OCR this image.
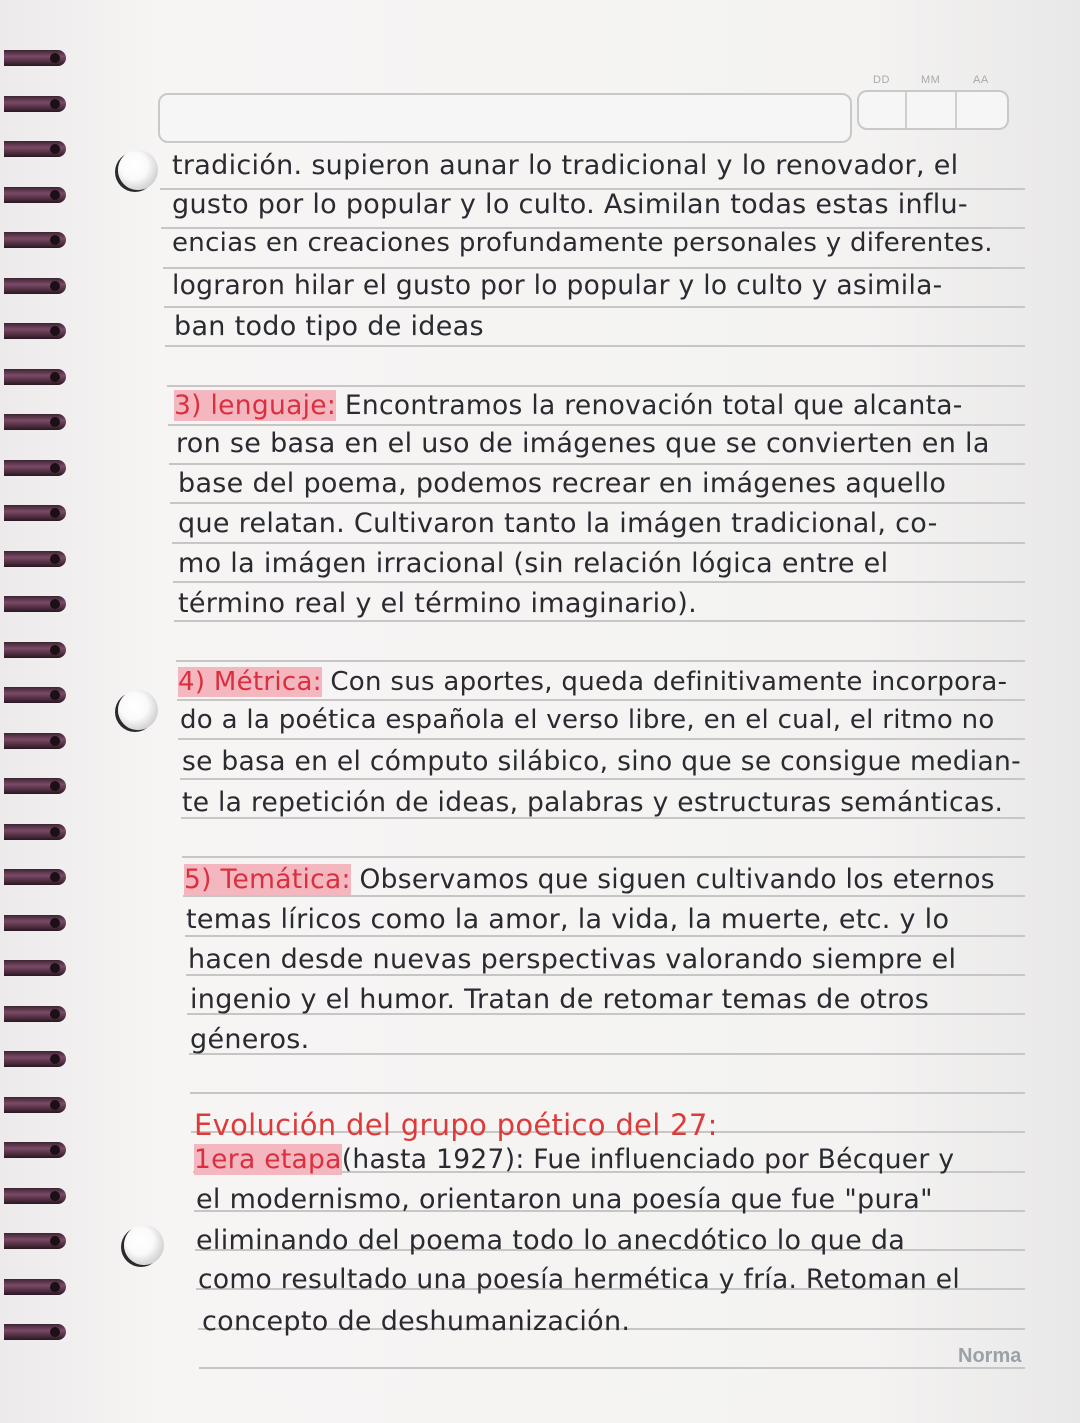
DD	MM	AA
tradición. supieron aunar lo tradicional y lo renovador, el
gusto por lo popular y lo culto. Asimilan todas estas influ-
encias en creaciones profundamente personales y diferentes.
lograron hilar el gusto por lo popular y lo culto y asimila-
ban todo tipo de ideas
3) lenguaje: Encontramos la renovación total que alcanta-
ron se basa en el uso de imágenes que se convierten en la
base del poema, podemos recrear en imágenes aquello
que relatan. Cultivaron tanto la imágen tradicional, co-
mo la imágen irracional (sin relación lógica entre el
término real y el término imaginario).
4) Métrica: Con sus aportes, queda definitivamente incorpora-
do a la poética española el verso libre, en el cual, el ritmo no
se basa en el cómputo silábico, sino que se consigue median-
te la repetición de ideas, palabras y estructuras semánticas.
5) Temática: Observamos que siguen cultivando los eternos
temas líricos como la amor, la vida, la muerte, etc. y lo
hacen desde nuevas perspectivas valorando siempre el
ingenio y el humor. Tratan de retomar temas de otros
géneros.
Evolución del grupo poético del 27:
1era etapa(hasta 1927): Fue influenciado por Bécquer y
el modernismo, orientaron una poesía que fue "pura"
eliminando del poema todo lo anecdótico lo que da
como resultado una poesía hermética y fría. Retoman el
concepto de deshumanización.
Norma
